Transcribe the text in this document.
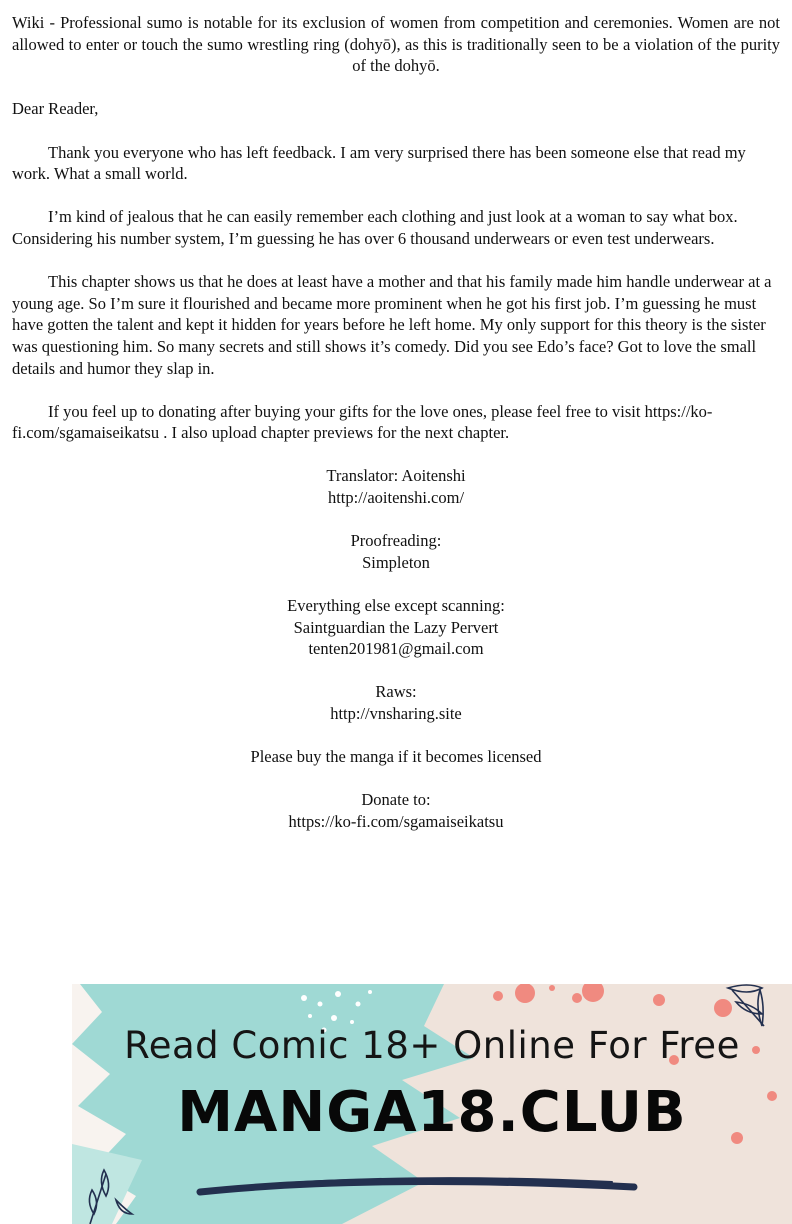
Wiki - Professional sumo is notable for its exclusion of women from competition and ceremonies. Women are not allowed to enter or touch the sumo wrestling ring (dohyō), as this is traditionally seen to be a violation of the purity of the dohyō.

Dear Reader,

Thank you everyone who has left feedback. I am very surprised there has been someone else that read my work. What a small world.

I’m kind of jealous that he can easily remember each clothing and just look at a woman to say what box. Considering his number system, I’m guessing he has over 6 thousand underwears or even test underwears.

This chapter shows us that he does at least have a mother and that his family made him handle underwear at a young age. So I’m sure it flourished and became more prominent when he got his first job. I’m guessing he must have gotten the talent and kept it hidden for years before he left home. My only support for this theory is the sister was questioning him. So many secrets and still shows it’s comedy. Did you see Edo’s face? Got to love the small details and humor they slap in.

If you feel up to donating after buying your gifts for the love ones, please feel free to visit https://ko-fi.com/sgamaiseikatsu . I also upload chapter previews for the next chapter.

Translator: Aoitenshi

http://aoitenshi.com/

Proofreading:

Simpleton

Everything else except scanning:

Saintguardian the Lazy Pervert

tenten201981@gmail.com

Raws:

http://vnsharing.site

Please buy the manga if it becomes licensed

Donate to:

https://ko-fi.com/sgamaiseikatsu

Read Comic 18+ Online For Free
MANGA18.CLUB
